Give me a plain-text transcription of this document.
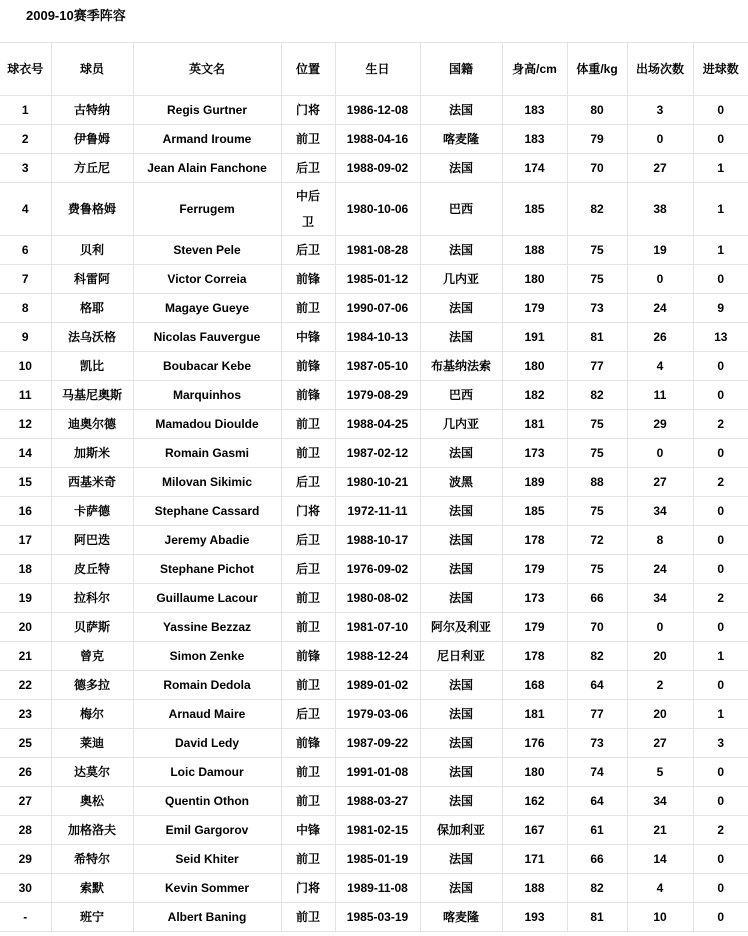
2009-10赛季阵容
球衣号	球员	英文名	位置	生日	国籍	身高/cm	体重/kg	出场次数	进球数
1	古特纳	Regis Gurtner	门将	1986-12-08	法国	183	80	3	0
2	伊鲁姆	Armand Iroume	前卫	1988-04-16	喀麦隆	183	79	0	0
3	方丘尼	Jean Alain Fanchone	后卫	1988-09-02	法国	174	70	27	1
4	费鲁格姆	Ferrugem	中后卫	1980-10-06	巴西	185	82	38	1
6	贝利	Steven Pele	后卫	1981-08-28	法国	188	75	19	1
7	科雷阿	Victor Correia	前锋	1985-01-12	几内亚	180	75	0	0
8	格耶	Magaye Gueye	前卫	1990-07-06	法国	179	73	24	9
9	法乌沃格	Nicolas Fauvergue	中锋	1984-10-13	法国	191	81	26	13
10	凯比	Boubacar Kebe	前锋	1987-05-10	布基纳法索	180	77	4	0
11	马基尼奥斯	Marquinhos	前锋	1979-08-29	巴西	182	82	11	0
12	迪奥尔德	Mamadou Dioulde	前卫	1988-04-25	几内亚	181	75	29	2
14	加斯米	Romain Gasmi	前卫	1987-02-12	法国	173	75	0	0
15	西基米奇	Milovan Sikimic	后卫	1980-10-21	波黑	189	88	27	2
16	卡萨德	Stephane Cassard	门将	1972-11-11	法国	185	75	34	0
17	阿巴迭	Jeremy Abadie	后卫	1988-10-17	法国	178	72	8	0
18	皮丘特	Stephane Pichot	后卫	1976-09-02	法国	179	75	24	0
19	拉科尔	Guillaume Lacour	前卫	1980-08-02	法国	173	66	34	2
20	贝萨斯	Yassine Bezzaz	前卫	1981-07-10	阿尔及利亚	179	70	0	0
21	曾克	Simon Zenke	前锋	1988-12-24	尼日利亚	178	82	20	1
22	德多拉	Romain Dedola	前卫	1989-01-02	法国	168	64	2	0
23	梅尔	Arnaud Maire	后卫	1979-03-06	法国	181	77	20	1
25	莱迪	David Ledy	前锋	1987-09-22	法国	176	73	27	3
26	达莫尔	Loic Damour	前卫	1991-01-08	法国	180	74	5	0
27	奥松	Quentin Othon	前卫	1988-03-27	法国	162	64	34	0
28	加格洛夫	Emil Gargorov	中锋	1981-02-15	保加利亚	167	61	21	2
29	希特尔	Seid Khiter	前卫	1985-01-19	法国	171	66	14	0
30	索默	Kevin Sommer	门将	1989-11-08	法国	188	82	4	0
-	班宁	Albert Baning	前卫	1985-03-19	喀麦隆	193	81	10	0
